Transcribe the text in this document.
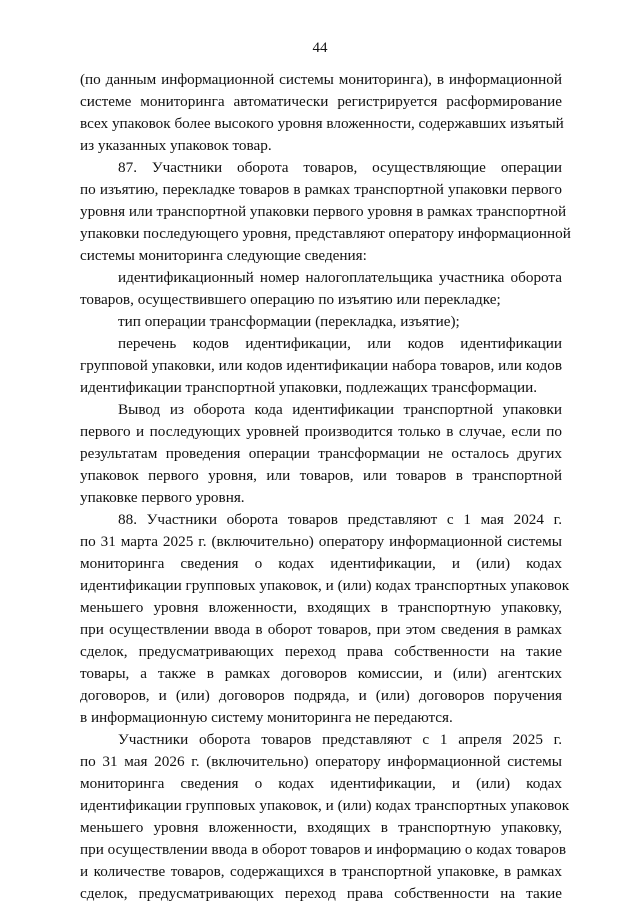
44
(по данным информационной системы мониторинга), в информационной
системе мониторинга автоматически регистрируется расформирование
всех упаковок более высокого уровня вложенности, содержавших изъятый
из указанных упаковок товар.
87. Участники оборота товаров, осуществляющие операции
по изъятию, перекладке товаров в рамках транспортной упаковки первого
уровня или транспортной упаковки первого уровня в рамках транспортной
упаковки последующего уровня, представляют оператору информационной
системы мониторинга следующие сведения:
идентификационный номер налогоплательщика участника оборота
товаров, осуществившего операцию по изъятию или перекладке;
тип операции трансформации (перекладка, изъятие);
перечень кодов идентификации, или кодов идентификации
групповой упаковки, или кодов идентификации набора товаров, или кодов
идентификации транспортной упаковки, подлежащих трансформации.
Вывод из оборота кода идентификации транспортной упаковки
первого и последующих уровней производится только в случае, если по
результатам проведения операции трансформации не осталось других
упаковок первого уровня, или товаров, или товаров в транспортной
упаковке первого уровня.
88. Участники оборота товаров представляют с 1 мая 2024 г.
по 31 марта 2025 г. (включительно) оператору информационной системы
мониторинга сведения о кодах идентификации, и (или) кодах
идентификации групповых упаковок, и (или) кодах транспортных упаковок
меньшего уровня вложенности, входящих в транспортную упаковку,
при осуществлении ввода в оборот товаров, при этом сведения в рамках
сделок, предусматривающих переход права собственности на такие
товары, а также в рамках договоров комиссии, и (или) агентских
договоров, и (или) договоров подряда, и (или) договоров поручения
в информационную систему мониторинга не передаются.
Участники оборота товаров представляют с 1 апреля 2025 г.
по 31 мая 2026 г. (включительно) оператору информационной системы
мониторинга сведения о кодах идентификации, и (или) кодах
идентификации групповых упаковок, и (или) кодах транспортных упаковок
меньшего уровня вложенности, входящих в транспортную упаковку,
при осуществлении ввода в оборот товаров и информацию о кодах товаров
и количестве товаров, содержащихся в транспортной упаковке, в рамках
сделок, предусматривающих переход права собственности на такие
